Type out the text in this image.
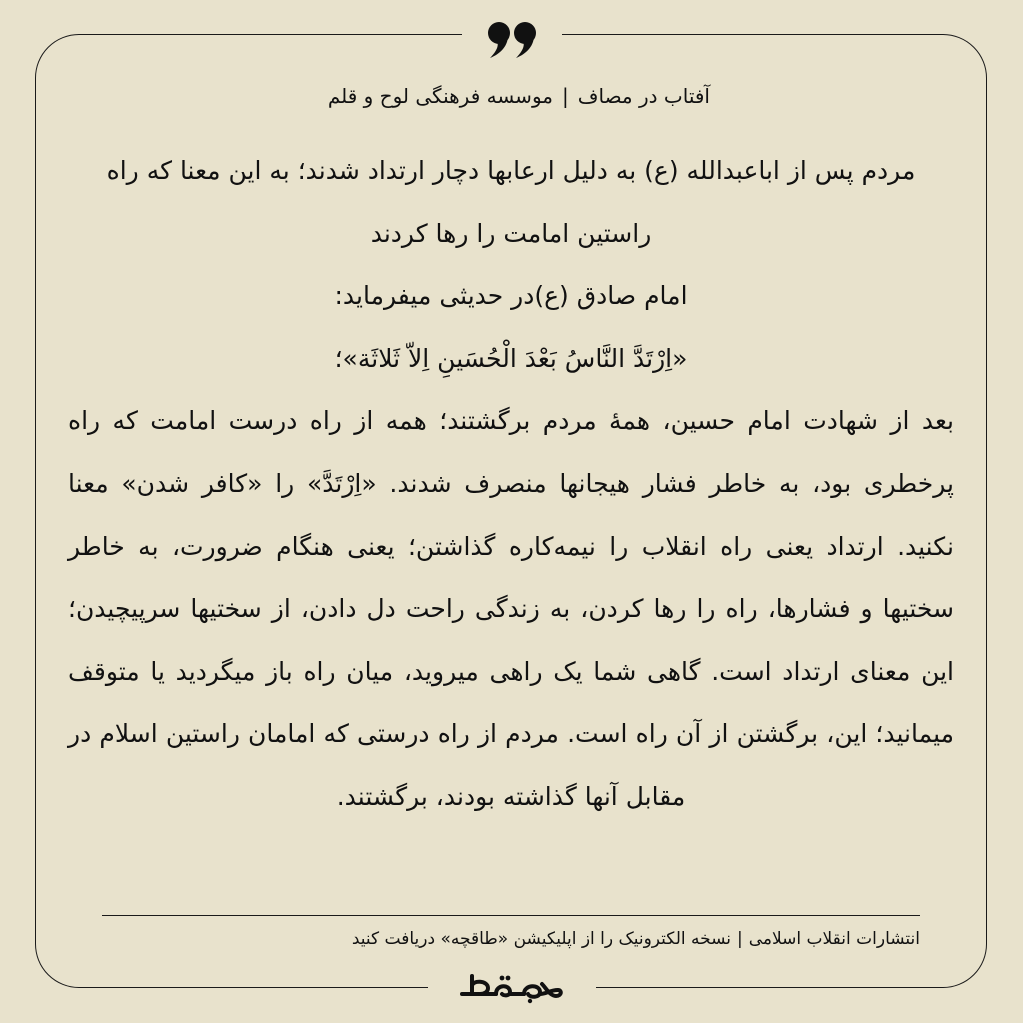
آفتاب در مصاف|موسسه فرهنگی لوح و قلم

مردم پس از اباعبدالله (ع) به دلیل ارعابها دچار ارتداد شدند؛ به این معنا که راه راستین امامت را رها کردند

امام صادق (ع)در حدیثی میفرماید:

«اِرْتَدَّ النَّاسُ بَعْدَ الْحُسَینِ اِلاّ ثَلاثَة»؛

بعد از شهادت امام حسین، همهٔ مردم برگشتند؛ همه از راه درست امامت که راه پرخطری بود، به خاطر فشار هیجانها منصرف شدند. «اِرْتَدَّ» را «کافر شدن» معنا نکنید. ارتداد یعنی راه انقلاب را نیمه‌کاره گذاشتن؛ یعنی هنگام ضرورت، به خاطر سختیها و فشارها، راه را رها کردن، به زندگی راحت دل دادن، از سختیها سرپیچیدن؛ این معنای ارتداد است. گاهی شما یک راهی میروید، میان راه باز میگردید یا متوقف میمانید؛ این، برگشتن از آن راه است. مردم از راه درستی که امامان راستین اسلام در مقابل آنها گذاشته بودند، برگشتند.

انتشارات انقلاب اسلامی|نسخه الکترونیک را از اپلیکیشن «طاقچه» دریافت کنید
